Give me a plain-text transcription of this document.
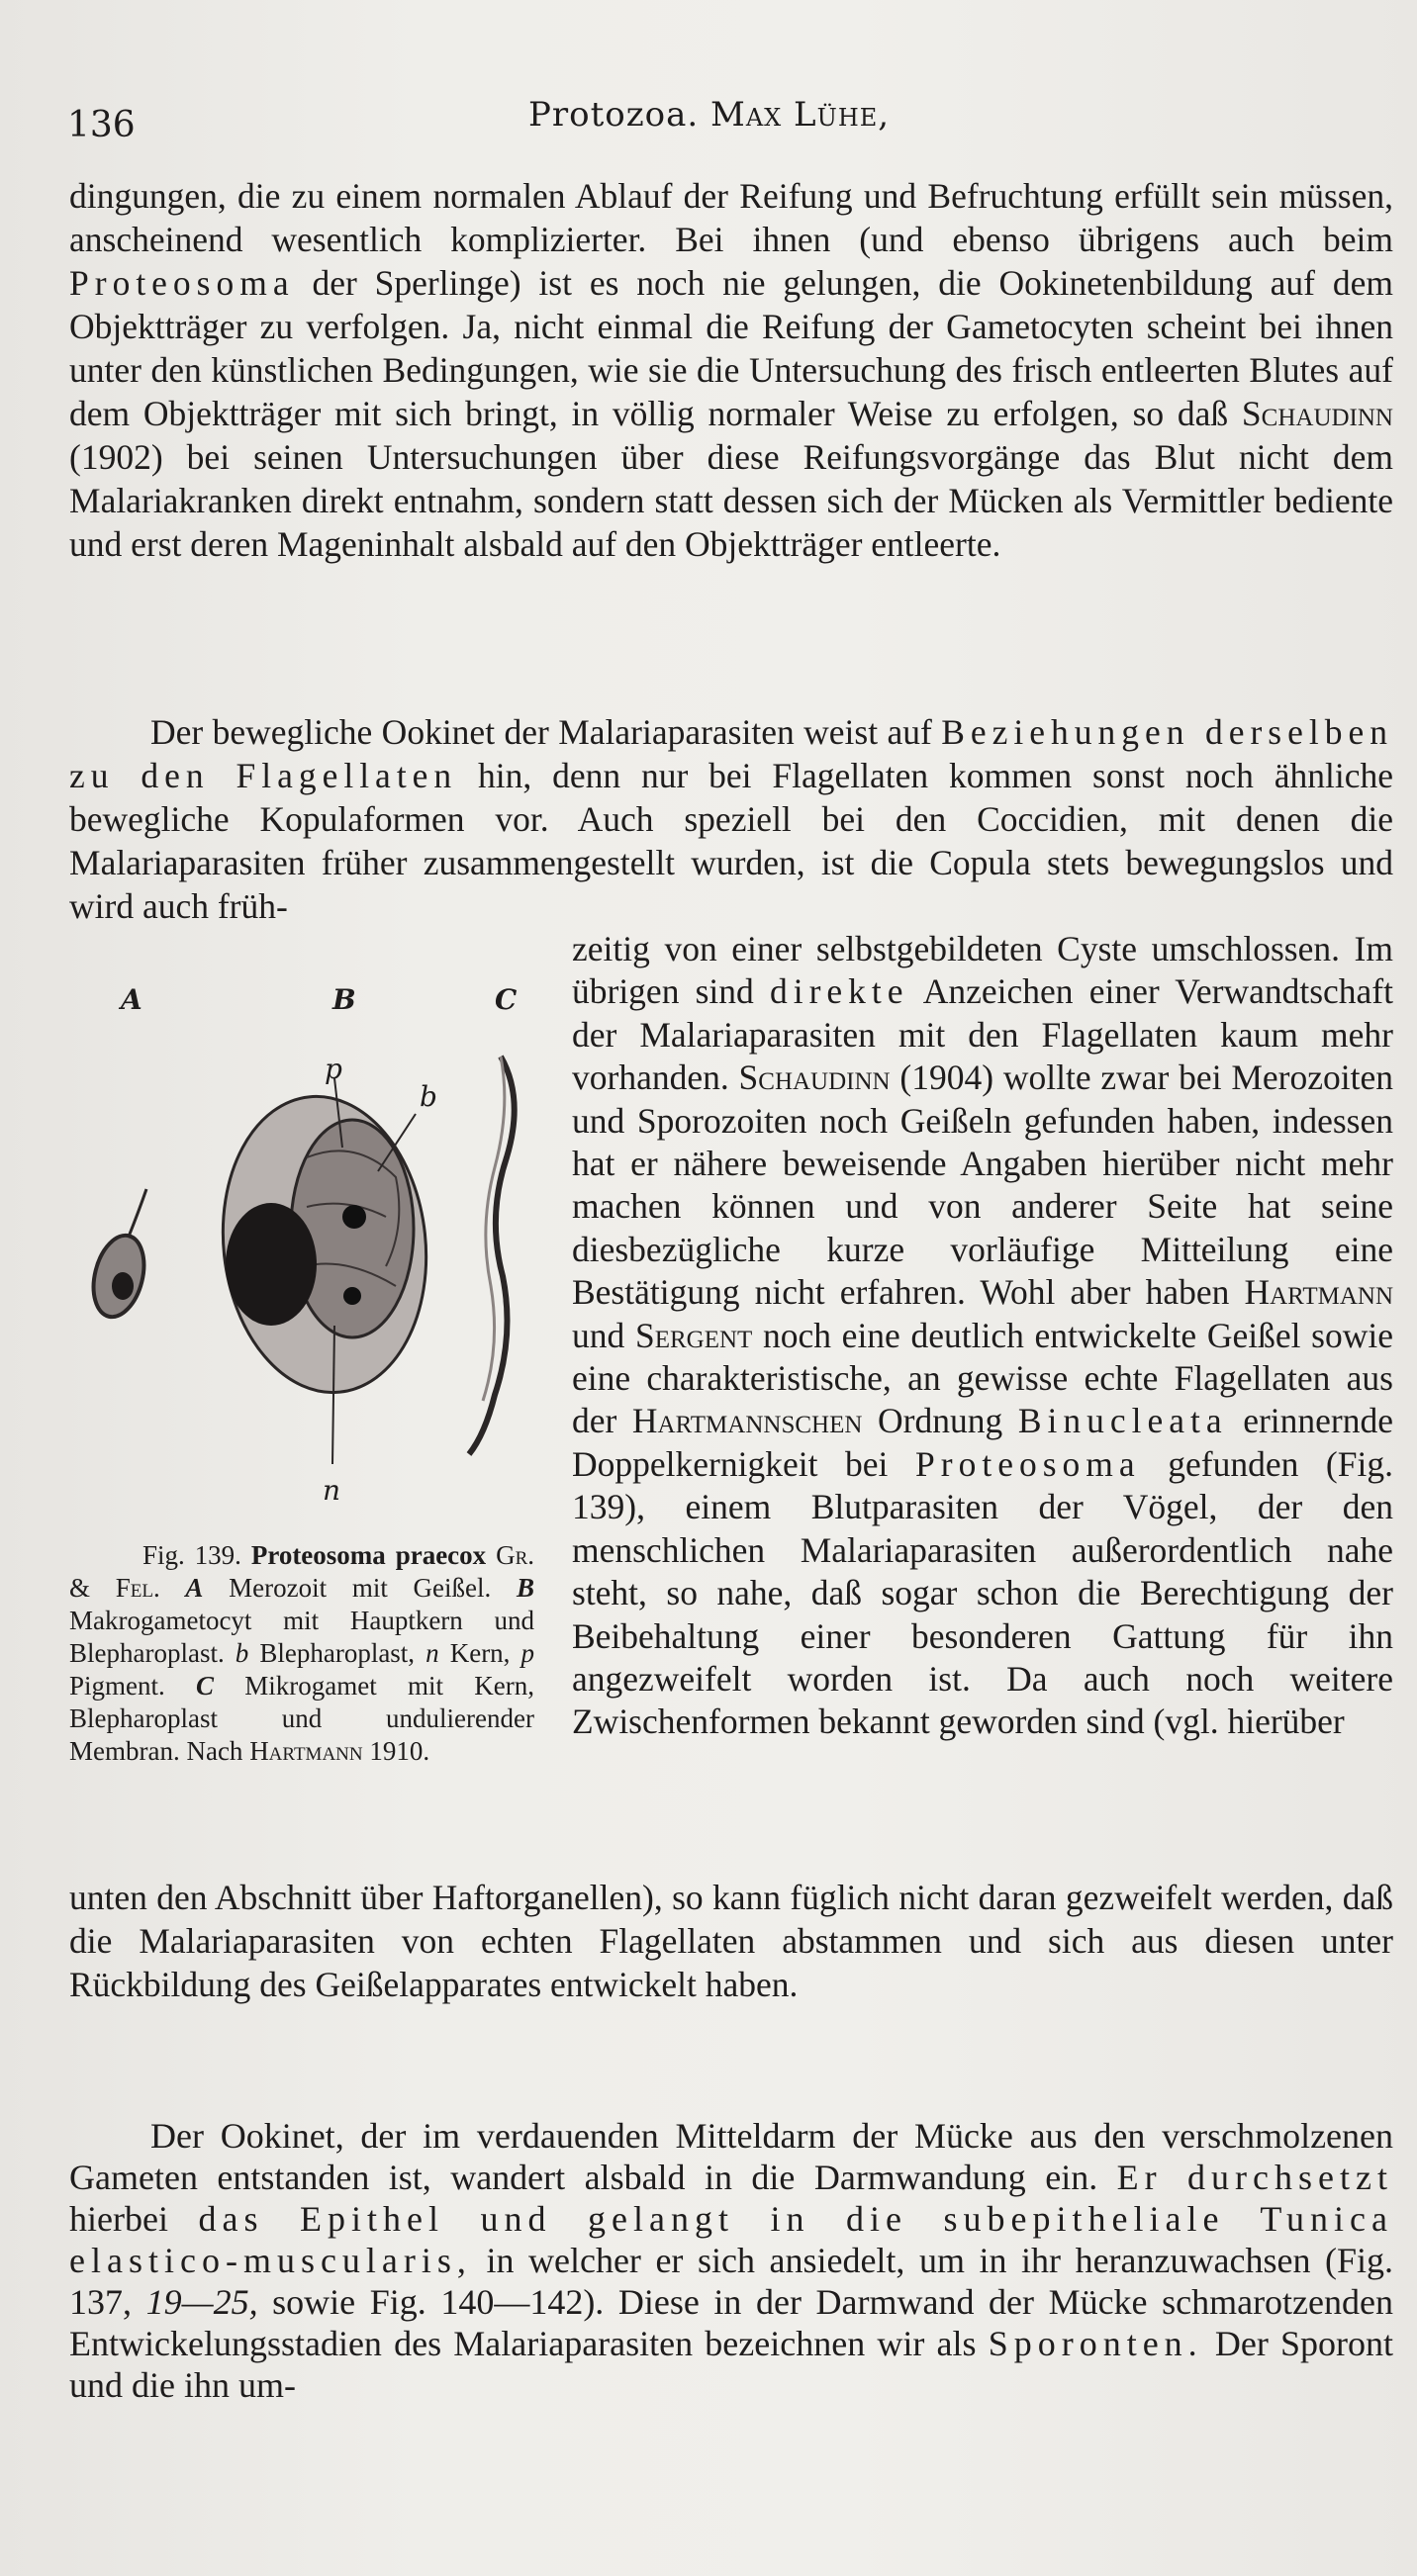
136	Protozoa. Max Lühe,

dingungen, die zu einem normalen Ablauf der Reifung und Befruchtung erfüllt sein müssen, anscheinend wesentlich komplizierter. Bei ihnen (und ebenso übrigens auch beim Proteosoma der Sperlinge) ist es noch nie gelungen, die Ookinetenbildung auf dem Objektträger zu verfolgen. Ja, nicht einmal die Reifung der Gametocyten scheint bei ihnen unter den künstlichen Bedingungen, wie sie die Untersuchung des frisch entleerten Blutes auf dem Objektträger mit sich bringt, in völlig normaler Weise zu erfolgen, so daß Schaudinn (1902) bei seinen Untersuchungen über diese Reifungsvorgänge das Blut nicht dem Malariakranken direkt entnahm, sondern statt dessen sich der Mücken als Vermittler bediente und erst deren Mageninhalt alsbald auf den Objektträger entleerte.

Der bewegliche Ookinet der Malariaparasiten weist auf Beziehungen derselben zu den Flagellaten hin, denn nur bei Flagellaten kommen sonst noch ähnliche bewegliche Kopulaformen vor. Auch speziell bei den Coccidien, mit denen die Malariaparasiten früher zusammengestellt wurden, ist die Copula stets bewegungslos und wird auch früh-

A	B	C
p
b
n
Fig. 139. Proteosoma praecox Gr. & Fel. A Merozoit mit Geißel. B Makrogametocyt mit Hauptkern und Blepharoplast. b Blepharoplast, n Kern, p Pigment. C Mikrogamet mit Kern, Blepharoplast und undulierender Membran. Nach Hartmann 1910.

zeitig von einer selbstgebildeten Cyste umschlossen. Im übrigen sind direkte Anzeichen einer Verwandtschaft der Malariaparasiten mit den Flagellaten kaum mehr vorhanden. Schaudinn (1904) wollte zwar bei Merozoiten und Sporozoiten noch Geißeln gefunden haben, indessen hat er nähere beweisende Angaben hierüber nicht mehr machen können und von anderer Seite hat seine diesbezügliche kurze vorläufige Mitteilung eine Bestätigung nicht erfahren. Wohl aber haben Hartmann und Sergent noch eine deutlich entwickelte Geißel sowie eine charakteristische, an gewisse echte Flagellaten aus der Hartmannschen Ordnung Binucleata erinnernde Doppelkernigkeit bei Proteosoma gefunden (Fig. 139), einem Blutparasiten der Vögel, der den menschlichen Malariaparasiten außerordentlich nahe steht, so nahe, daß sogar schon die Berechtigung der Beibehaltung einer besonderen Gattung für ihn angezweifelt worden ist. Da auch noch weitere Zwischenformen bekannt geworden sind (vgl. hierüber

unten den Abschnitt über Haftorganellen), so kann füglich nicht daran gezweifelt werden, daß die Malariaparasiten von echten Flagellaten abstammen und sich aus diesen unter Rückbildung des Geißelapparates entwickelt haben.

Der Ookinet, der im verdauenden Mitteldarm der Mücke aus den verschmolzenen Gameten entstanden ist, wandert alsbald in die Darmwandung ein. Er durchsetzt hierbei das Epithel und gelangt in die subepitheliale Tunica elastico-muscularis, in welcher er sich ansiedelt, um in ihr heranzuwachsen (Fig. 137, 19—25, sowie Fig. 140—142). Diese in der Darmwand der Mücke schmarotzenden Entwickelungsstadien des Malariaparasiten bezeichnen wir als Sporonten. Der Sporont und die ihn um-
